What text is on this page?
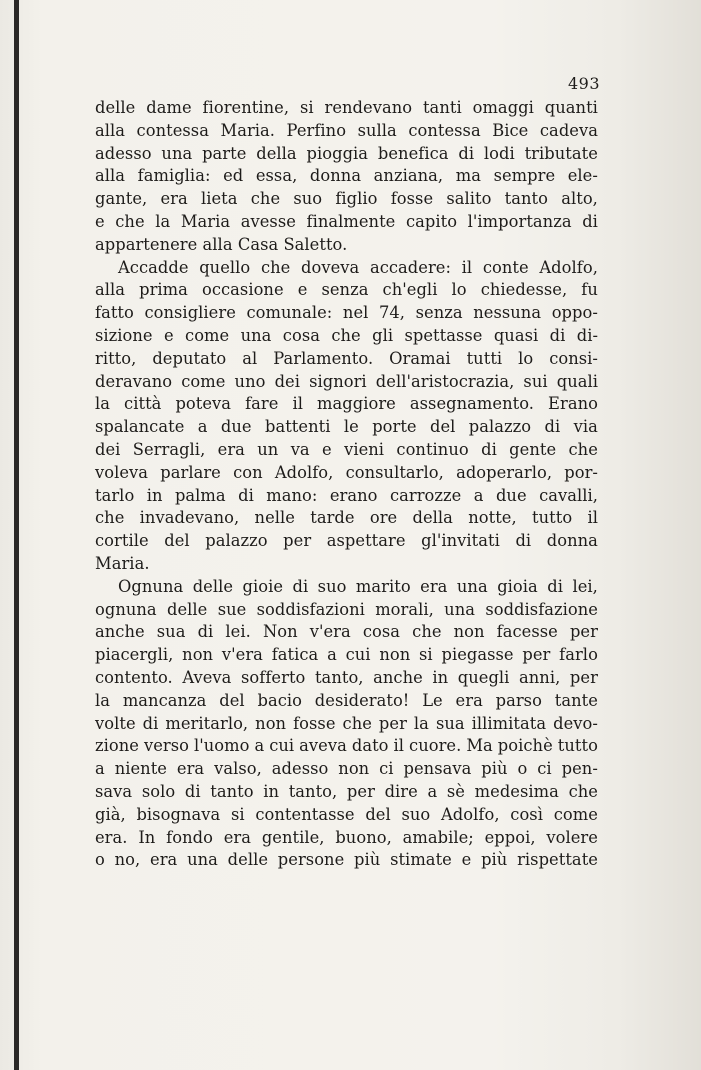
493
delle dame fiorentine, si rendevano tanti omaggi quanti
alla contessa Maria. Perfino sulla contessa Bice cadeva
adesso una parte della pioggia benefica di lodi tributate
alla famiglia: ed essa, donna anziana, ma sempre ele-
gante, era lieta che suo figlio fosse salito tanto alto,
e che la Maria avesse finalmente capito l'importanza di
appartenere alla Casa Saletto.
Accadde quello che doveva accadere: il conte Adolfo,
alla prima occasione e senza ch'egli lo chiedesse, fu
fatto consigliere comunale: nel 74, senza nessuna oppo-
sizione e come una cosa che gli spettasse quasi di di-
ritto, deputato al Parlamento. Oramai tutti lo consi-
deravano come uno dei signori dell'aristocrazia, sui quali
la città poteva fare il maggiore assegnamento. Erano
spalancate a due battenti le porte del palazzo di via
dei Serragli, era un va e vieni continuo di gente che
voleva parlare con Adolfo, consultarlo, adoperarlo, por-
tarlo in palma di mano: erano carrozze a due cavalli,
che invadevano, nelle tarde ore della notte, tutto il
cortile del palazzo per aspettare gl'invitati di donna
Maria.
Ognuna delle gioie di suo marito era una gioia di lei,
ognuna delle sue soddisfazioni morali, una soddisfazione
anche sua di lei. Non v'era cosa che non facesse per
piacergli, non v'era fatica a cui non si piegasse per farlo
contento. Aveva sofferto tanto, anche in quegli anni, per
la mancanza del bacio desiderato! Le era parso tante
volte di meritarlo, non fosse che per la sua illimitata devo-
zione verso l'uomo a cui aveva dato il cuore. Ma poichè tutto
a niente era valso, adesso non ci pensava più o ci pen-
sava solo di tanto in tanto, per dire a sè medesima che
già, bisognava si contentasse del suo Adolfo, così come
era. In fondo era gentile, buono, amabile; eppoi, volere
o no, era una delle persone più stimate e più rispettate
